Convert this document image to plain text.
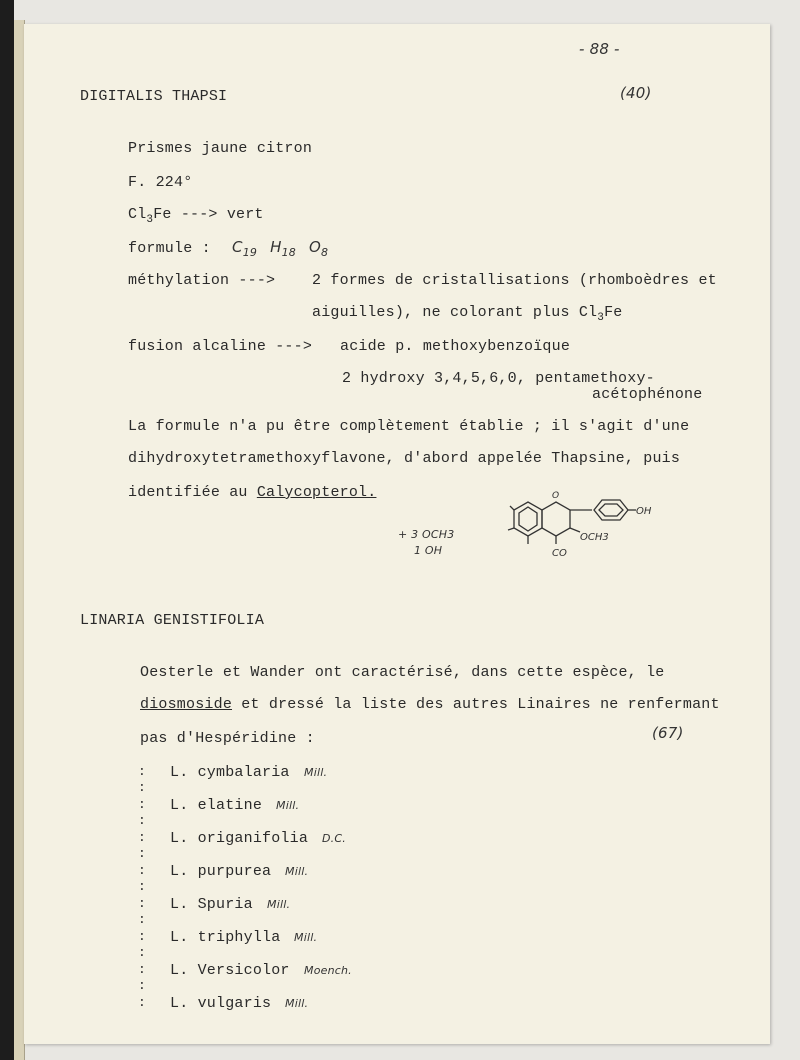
- 88 -
DIGITALIS THAPSI	(40)
Prismes jaune citron
F. 224°
$Cl_3Fe$ ---> vert
formule : $C_{19}$ $H_{18}$ $O_8$
méthylation ---> 2 formes de cristallisations (rhomboèdres et
aiguilles), ne colorant plus $Cl_3Fe$
fusion alcaline ---> acide p. methoxybenzoïque
2 hydroxy 3,4,5,6,0, pentamethoxy-
acétophénone
La formule n'a pu être complètement établie ; il s'agit d'une
dihydroxytetramethoxyflavone, d'abord appelée Thapsine, puis
identifiée au Calycopterol.
+ 3 OCH3
1 OH
OH
OCH3
CO
O
LINARIA GENISTIFOLIA
Oesterle et Wander ont caractérisé, dans cette espèce, le
diosmoside et dressé la liste des autres Linaires ne renfermant
pas d'Hespéridine :	(67)
:
:
L. cymbalaria Mill.
:
:
L. elatine Mill.
:
:
L. origanifolia D.C.
:
:
L. purpurea Mill.
:
:
L. Spuria Mill.
:
:
L. triphylla Mill.
:
:
L. Versicolor Moench.
: L. vulgaris Mill.
